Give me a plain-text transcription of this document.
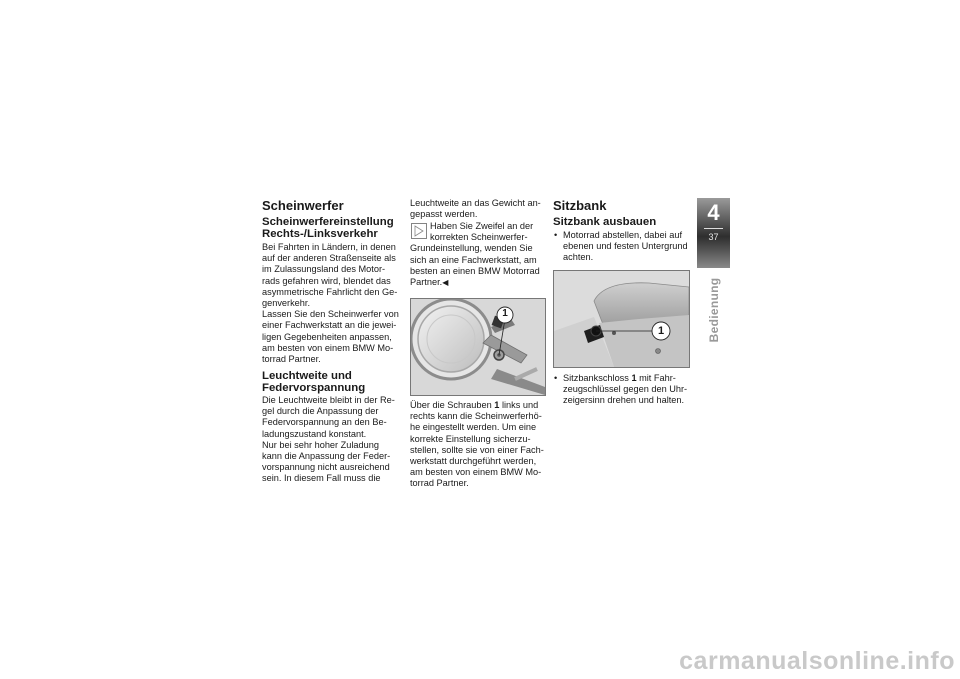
Scheinwerfer
Scheinwerfereinstellung
Rechts-/Linksverkehr
Bei Fahrten in Ländern, in denen
auf der anderen Straßenseite als
im Zulassungsland des Motor-
rads gefahren wird, blendet das
asymmetrische Fahrlicht den Ge-
genverkehr.
Lassen Sie den Scheinwerfer von
einer Fachwerkstatt an die jewei-
ligen Gegebenheiten anpassen,
am besten von einem BMW Mo-
torrad Partner.
Leuchtweite und
Federvorspannung
Die Leuchtweite bleibt in der Re-
gel durch die Anpassung der
Federvorspannung an den Be-
ladungszustand konstant.
Nur bei sehr hoher Zuladung
kann die Anpassung der Feder-
vorspannung nicht ausreichend
sein. In diesem Fall muss die
Leuchtweite an das Gewicht an-
gepasst werden.
Haben Sie Zweifel an der
korrekten Scheinwerfer-
Grundeinstellung, wenden Sie
sich an eine Fachwerkstatt, am
besten an einen BMW Motorrad
Partner.◀
1
Über die Schrauben 1 links und
rechts kann die Scheinwerferhö-
he eingestellt werden. Um eine
korrekte Einstellung sicherzu-
stellen, sollte sie von einer Fach-
werkstatt durchgeführt werden,
am besten von einem BMW Mo-
torrad Partner.
Sitzbank
Sitzbank ausbauen
• Motorrad abstellen, dabei auf
ebenen und festen Untergrund
achten.
1
• Sitzbankschloss 1 mit Fahr-
zeugschlüssel gegen den Uhr-
zeigersinn drehen und halten.
4
37
Bedienung
carmanualsonline.info
